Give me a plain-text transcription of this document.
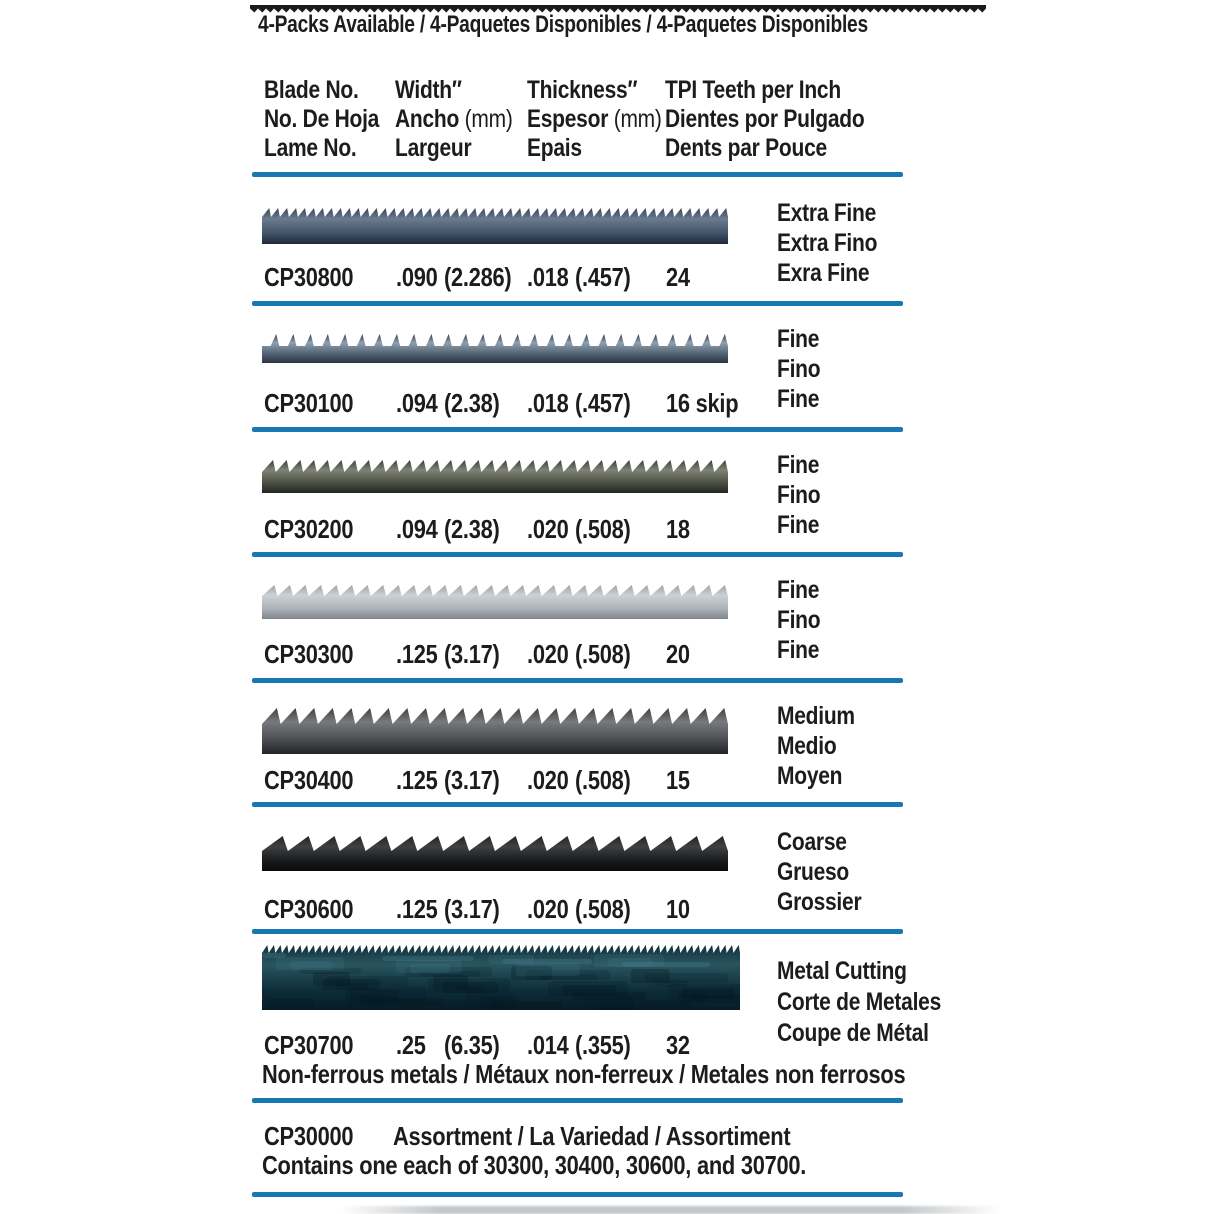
4-Packs Available / 4-Paquetes Disponibles / 4-Paquetes Disponibles
Blade No.
No. De Hoja
Lame No.
Width″
Ancho (mm)
Largeur
Thickness″
Espesor (mm)
Epais
TPI Teeth per Inch
Dientes por Pulgado
Dents par Pouce
Extra Fine
Extra Fino
Exra Fine
CP30800 .090 (2.286) .018 (.457) 24
Fine
Fino
Fine
CP30100 .094 (2.38) .018 (.457) 16 skip
Fine
Fino
Fine
CP30200 .094 (2.38) .020 (.508) 18
Fine
Fino
Fine
CP30300 .125 (3.17) .020 (.508) 20
Medium
Medio
Moyen
CP30400 .125 (3.17) .020 (.508) 15
Coarse
Grueso
Grossier
CP30600 .125 (3.17) .020 (.508) 10
Metal Cutting
Corte de Metales
Coupe de Métal
CP30700 .25 (6.35) .014 (.355) 32
Non-ferrous metals / Métaux non-ferreux / Metales non ferrosos
CP30000 Assortment / La Variedad / Assortiment
Contains one each of 30300, 30400, 30600, and 30700.
